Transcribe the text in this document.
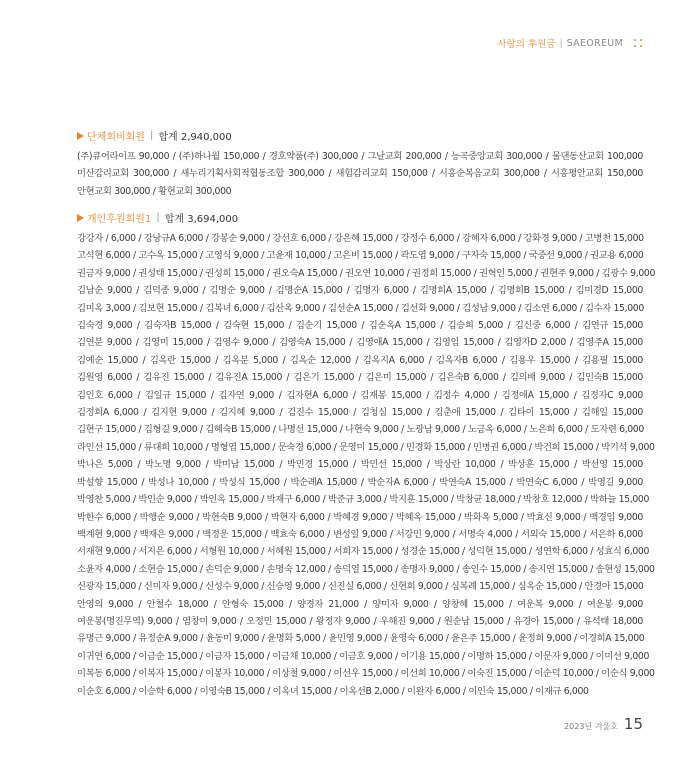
사랑의 후원금 | SAEOREUM
단체회비회원 | 합계 2,940,000
(주)큐어라이프 90,000 / (주)하나월 150,000 / 경호약품(주) 300,000 / 그날교회 200,000 / 능곡중앙교회 300,000 / 물댄동산교회 100,000
미산감리교회 300,000 / 새누리기획사회적협동조합 300,000 / 새힘감리교회 150,000 / 시흥순복음교회 300,000 / 시흥평안교회 150,000
안현교회 300,000 / 황현교회 300,000
개인후원회원1 | 합계 3,694,000
강강자 / 6,000 / 강낭규A 6,000 / 강봉순 9,000 / 강선호 6,000 / 강은혜 15,000 / 강정수 6,000 / 강혜자 6,000 / 강화경 9,000 / 고병천 15,000
고석현 6,000 / 고수옥 15,000 / 고영식 9,000 / 고윤재 10,000 / 고은비 15,000 / 곽도엽 9,000 / 구자숙 15,000 / 국중선 9,000 / 권교용 6,000
권금자 9,000 / 권성태 15,000 / 권성희 15,000 / 권오숙A 15,000 / 권오연 10,000 / 권정희 15,000 / 권혁인 5,000 / 권현주 9,000 / 김광수 9,000
김남순 9,000 / 김덕종 9,000 / 김명순 9,000 / 김명순A 15,000 / 김명자 6,000 / 김명희A 15,000 / 김명희B 15,000 / 김미경D 15,000
김미옥 3,000 / 김보현 15,000 / 김복녀 6,000 / 김산옥 9,000 / 김선순A 15,000 / 김선화 9,000 / 김성남 9,000 / 김소연 6,000 / 김수자 15,000
김숙경 9,000 / 김숙자B 15,000 / 김숙현 15,000 / 김순기 15,000 / 김순옥A 15,000 / 김승희 5,000 / 김신중 6,000 / 김연규 15,000
김연분 9,000 / 김영미 15,000 / 김영수 9,000 / 김영숙A 15,000 / 김영애A 15,000 / 김영임 15,000 / 김영자D 2,000 / 김영주A 15,000
김예순 15,000 / 김옥란 15,000 / 김옥분 5,000 / 김옥순 12,000 / 김옥지A 6,000 / 김옥자B 6,000 / 김용우 15,000 / 김용필 15,000
김원영 6,000 / 김유진 15,000 / 김유진A 15,000 / 김은기 15,000 / 김은미 15,000 / 김은숙B 6,000 / 김의배 9,000 / 김인숙B 15,000
김인호 6,000 / 김일규 15,000 / 김자연 9,000 / 김자현A 6,000 / 김재봉 15,000 / 김정수 4,000 / 김정애A 15,000 / 김정자C 9,000
김정희A 6,000 / 김지현 9,000 / 김지혜 9,000 / 김진수 15,000 / 김청심 15,000 / 김춘애 15,000 / 김타이 15,000 / 김해일 15,000
김현구 15,000 / 김형길 9,000 / 김혜숙B 15,000 / 나명선 15,000 / 나현숙 9,000 / 노광남 9,000 / 노금옥 6,000 / 노은희 6,000 / 도자련 6,000
라인선 15,000 / 류대희 10,000 / 명형엽 15,000 / 문숙경 6,000 / 문영미 15,000 / 민경화 15,000 / 민병권 6,000 / 박건희 15,000 / 박기석 9,000
박나은 5,000 / 박노명 9,000 / 박미남 15,000 / 박민경 15,000 / 박민선 15,000 / 박상란 10,000 / 박상훈 15,000 / 박선영 15,000
박설향 15,000 / 박성나 10,000 / 박성식 15,000 / 박순례A 15,000 / 박순자A 6,000 / 박연숙A 15,000 / 박연숙C 6,000 / 박영길 9,000
박영찬 5,000 / 박인순 9,000 / 박인옥 15,000 / 박재구 6,000 / 박준규 3,000 / 박지훈 15,000 / 박창균 18,000 / 박창호 12,000 / 박하늘 15,000
박한수 6,000 / 박행순 9,000 / 박현숙B 9,000 / 박현자 6,000 / 박혜경 9,000 / 박혜옥 15,000 / 박화옥 5,000 / 박효신 9,000 / 백경임 9,000
백계현 9,000 / 백재은 9,000 / 백정운 15,000 / 백효숙 6,000 / 변성일 9,000 / 서강민 9,000 / 서명숙 4,000 / 서외숙 15,000 / 서은하 6,000
서재현 9,000 / 서지은 6,000 / 서형원 10,000 / 서혜원 15,000 / 서희자 15,000 / 성경순 15,000 / 성덕현 15,000 / 성연학 6,000 / 성효식 6,000
소윤자 4,000 / 소현승 15,000 / 손덕순 9,000 / 손명숙 12,000 / 송덕열 15,000 / 송명자 9,000 / 송인수 15,000 / 송지연 15,000 / 송현성 15,000
신광자 15,000 / 신미자 9,000 / 신성수 9,000 / 신승영 9,000 / 신진실 6,000 / 신현희 9,000 / 심복례 15,000 / 심옥순 15,000 / 안경아 15,000
안영의 9,000 / 안철수 18,000 / 안형숙 15,000 / 양경자 21,000 / 양미자 9,000 / 양창혜 15,000 / 여운복 9,000 / 여운봉 9,000
여운봉(명진무역) 9,000 / 염창미 9,000 / 오정민 15,000 / 왕정자 9,000 / 우해진 9,000 / 원순남 15,000 / 유경아 15,000 / 유석태 18,000
유명근 9,000 / 유정순A 9,000 / 윤동미 9,000 / 윤명화 5,000 / 윤민영 9,000 / 윤영숙 6,000 / 윤은주 15,000 / 윤정희 9,000 / 이경희A 15,000
이귀연 6,000 / 이금순 15,000 / 이금자 15,000 / 이금채 10,000 / 이금호 9,000 / 이기용 15,000 / 이명하 15,000 / 이문자 9,000 / 이미선 9,000
이복동 6,000 / 이복자 15,000 / 이봉자 10,000 / 이상철 9,000 / 이선우 15,000 / 이선희 10,000 / 이숙진 15,000 / 이순덕 10,000 / 이순식 9,000
이순호 6,000 / 이승학 6,000 / 이영숙B 15,000 / 이옥녀 15,000 / 이옥선B 2,000 / 이완자 6,000 / 이인숙 15,000 / 이재규 6,000
2023년 겨울호 15
